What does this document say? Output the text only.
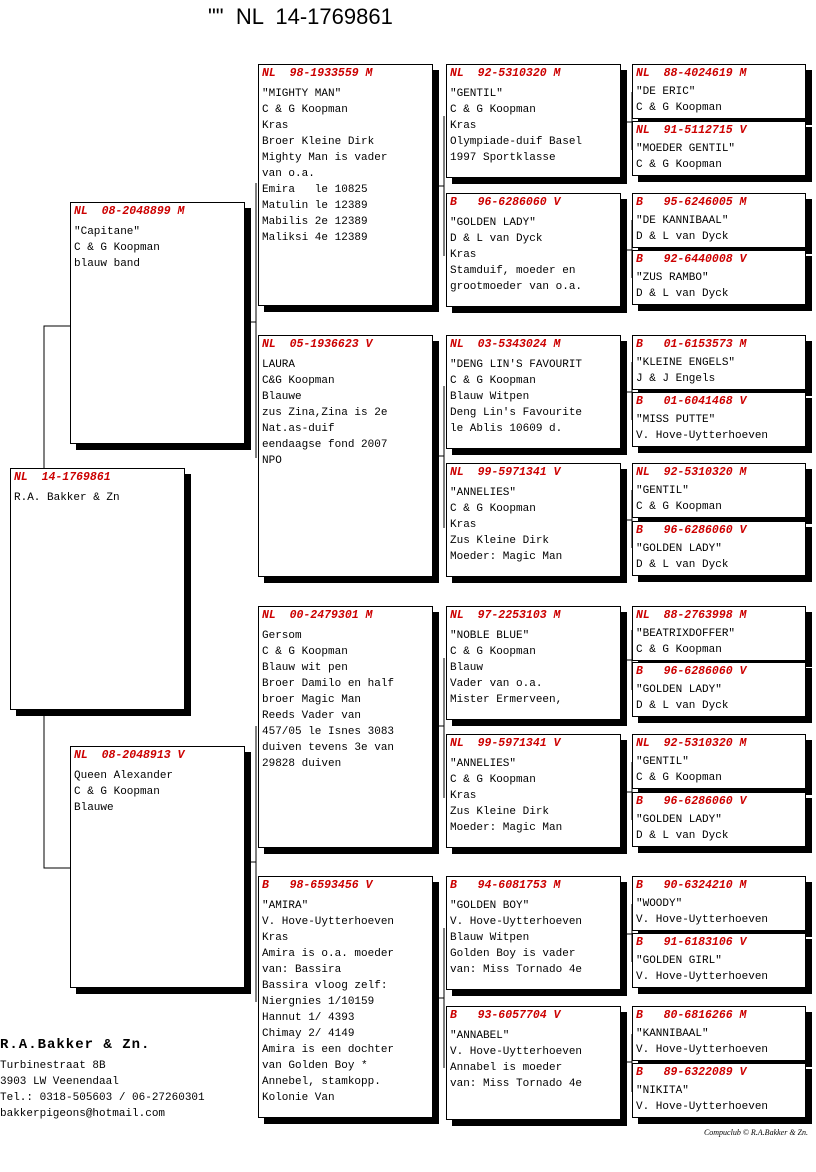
""  NL  14-1769861
NL  14-1769861
R.A. Bakker & Zn
NL  08-2048899 M
"Capitane"
C & G Koopman
blauw band
NL  08-2048913 V
Queen Alexander
C & G Koopman
Blauwe
NL  98-1933559 M
"MIGHTY MAN"
C & G Koopman
Kras
Broer Kleine Dirk
Mighty Man is vader
van o.a.
Emira   le 10825
Matulin le 12389
Mabilis 2e 12389
Maliksi 4e 12389
NL  05-1936623 V
LAURA
C&G Koopman
Blauwe
zus Zina,Zina is 2e
Nat.as-duif
eendaagse fond 2007
NPO
NL  00-2479301 M
Gersom
C & G Koopman
Blauw wit pen
Broer Damilo en half
broer Magic Man
Reeds Vader van
457/05 le Isnes 3083
duiven tevens 3e van
29828 duiven
B   98-6593456 V
"AMIRA"
V. Hove-Uytterhoeven
Kras
Amira is o.a. moeder
van: Bassira
Bassira vloog zelf:
Niergnies 1/10159
Hannut 1/ 4393
Chimay 2/ 4149
Amira is een dochter
van Golden Boy *
Annebel, stamkopp.
Kolonie Van
NL  92-5310320 M
"GENTIL"
C & G Koopman
Kras
Olympiade-duif Basel
1997 Sportklasse
B   96-6286060 V
"GOLDEN LADY"
D & L van Dyck
Kras
Stamduif, moeder en
grootmoeder van o.a.
NL  03-5343024 M
"DENG LIN'S FAVOURIT
C & G Koopman
Blauw Witpen
Deng Lin's Favourite
le Ablis 10609 d.
NL  99-5971341 V
"ANNELIES"
C & G Koopman
Kras
Zus Kleine Dirk
Moeder: Magic Man
NL  97-2253103 M
"NOBLE BLUE"
C & G Koopman
Blauw
Vader van o.a.
Mister Ermerveen,
NL  99-5971341 V
"ANNELIES"
C & G Koopman
Kras
Zus Kleine Dirk
Moeder: Magic Man
B   94-6081753 M
"GOLDEN BOY"
V. Hove-Uytterhoeven
Blauw Witpen
Golden Boy is vader
van: Miss Tornado 4e
B   93-6057704 V
"ANNABEL"
V. Hove-Uytterhoeven
Annabel is moeder
van: Miss Tornado 4e
NL  88-4024619 M
"DE ERIC"
C & G Koopman
NL  91-5112715 V
"MOEDER GENTIL"
C & G Koopman
B   95-6246005 M
"DE KANNIBAAL"
D & L van Dyck
B   92-6440008 V
"ZUS RAMBO"
D & L van Dyck
B   01-6153573 M
"KLEINE ENGELS"
J & J Engels
B   01-6041468 V
"MISS PUTTE"
V. Hove-Uytterhoeven
NL  92-5310320 M
"GENTIL"
C & G Koopman
B   96-6286060 V
"GOLDEN LADY"
D & L van Dyck
NL  88-2763998 M
"BEATRIXDOFFER"
C & G Koopman
B   96-6286060 V
"GOLDEN LADY"
D & L van Dyck
NL  92-5310320 M
"GENTIL"
C & G Koopman
B   96-6286060 V
"GOLDEN LADY"
D & L van Dyck
B   90-6324210 M
"WOODY"
V. Hove-Uytterhoeven
B   91-6183106 V
"GOLDEN GIRL"
V. Hove-Uytterhoeven
B   80-6816266 M
"KANNIBAAL"
V. Hove-Uytterhoeven
B   89-6322089 V
"NIKITA"
V. Hove-Uytterhoeven
R.A.Bakker & Zn.
Turbinestraat 8B
3903 LW Veenendaal
Tel.: 0318-505603 / 06-27260301
bakkerpigeons@hotmail.com
Compuclub © R.A.Bakker & Zn.
